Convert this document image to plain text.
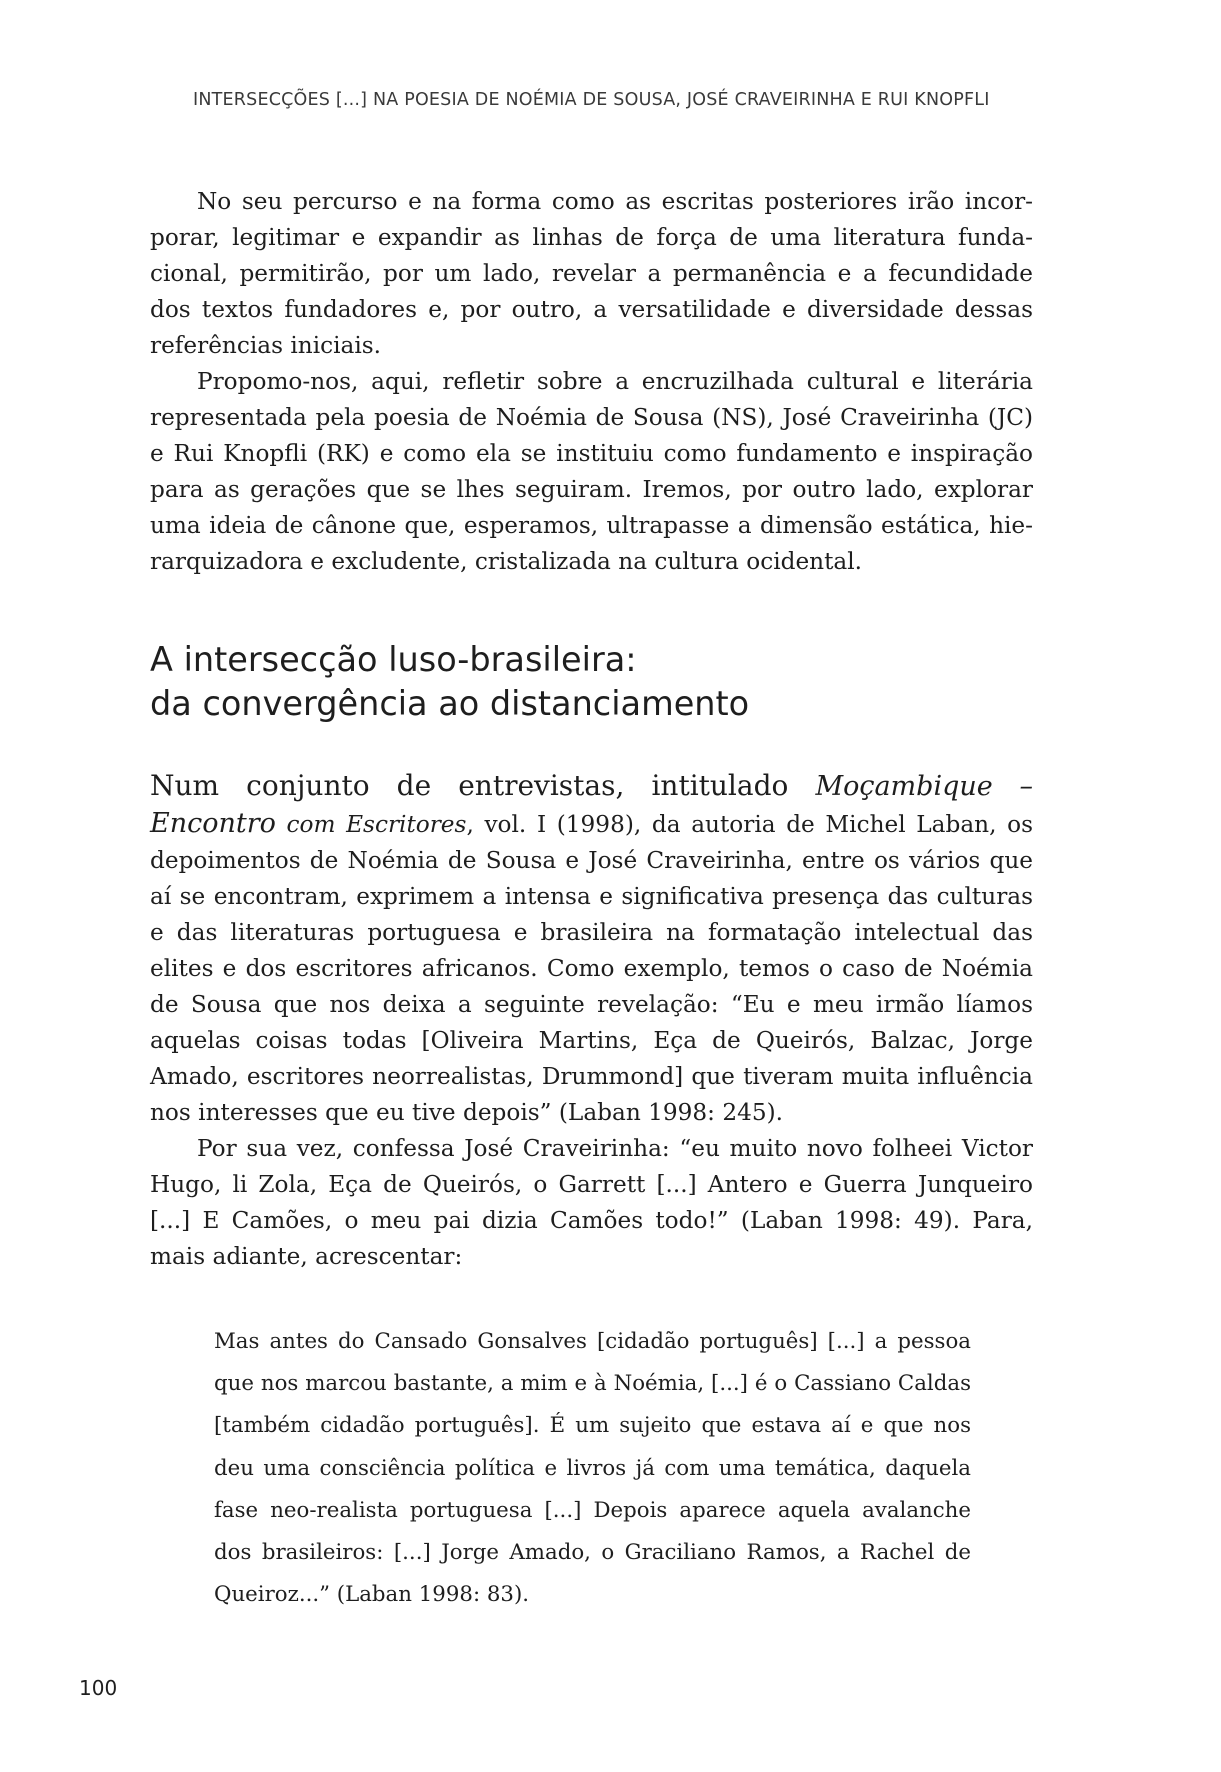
INTERSECÇÕES [...] NA POESIA DE NOÉMIA DE SOUSA, JOSÉ CRAVEIRINHA E RUI KNOPFLI

No seu percurso e na forma como as escritas posteriores irão incorporar, legitimar e expandir as linhas de força de uma literatura fundacional, permitirão, por um lado, revelar a permanência e a fecundidade dos textos fundadores e, por outro, a versatilidade e diversidade dessas referências iniciais.

Propomo-nos, aqui, refletir sobre a encruzilhada cultural e literária representada pela poesia de Noémia de Sousa (NS), José Craveirinha (JC) e Rui Knopfli (RK) e como ela se instituiu como fundamento e inspiração para as gerações que se lhes seguiram. Iremos, por outro lado, explorar uma ideia de cânone que, esperamos, ultrapasse a dimensão estática, hierarquizadora e excludente, cristalizada na cultura ocidental.

A intersecção luso-brasileira:
da convergência ao distanciamento

Num conjunto de entrevistas, intitulado Moçambique – Encontro com Escritores, vol. I (1998), da autoria de Michel Laban, os depoimentos de Noémia de Sousa e José Craveirinha, entre os vários que aí se encontram, exprimem a intensa e significativa presença das culturas e das literaturas portuguesa e brasileira na formatação intelectual das elites e dos escritores africanos. Como exemplo, temos o caso de Noémia de Sousa que nos deixa a seguinte revelação: “Eu e meu irmão líamos aquelas coisas todas [Oliveira Martins, Eça de Queirós, Balzac, Jorge Amado, escritores neorrealistas, Drummond] que tiveram muita influência nos interesses que eu tive depois” (Laban 1998: 245).

Por sua vez, confessa José Craveirinha: “eu muito novo folheei Victor Hugo, li Zola, Eça de Queirós, o Garrett [...] Antero e Guerra Junqueiro [...] E Camões, o meu pai dizia Camões todo!” (Laban 1998: 49). Para, mais adiante, acrescentar:

Mas antes do Cansado Gonsalves [cidadão português] [...] a pessoa que nos marcou bastante, a mim e à Noémia, [...] é o Cassiano Caldas [também cidadão português]. É um sujeito que estava aí e que nos deu uma consciência política e livros já com uma temática, daquela fase neo-realista portuguesa [...] Depois aparece aquela avalanche dos brasileiros: [...] Jorge Amado, o Graciliano Ramos, a Rachel de Queiroz...” (Laban 1998: 83).

100
